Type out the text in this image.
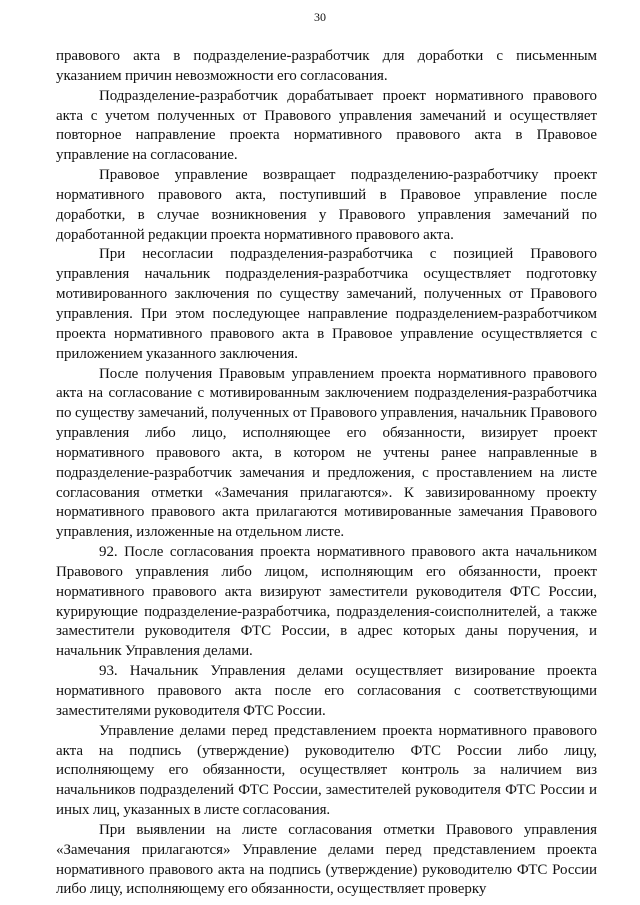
30

правового акта в подразделение-разработчик для доработки с письменным указанием причин невозможности его согласования.

Подразделение-разработчик дорабатывает проект нормативного правового акта с учетом полученных от Правового управления замечаний и осуществляет повторное направление проекта нормативного правового акта в Правовое управление на согласование.

Правовое управление возвращает подразделению-разработчику проект нормативного правового акта, поступивший в Правовое управление после доработки, в случае возникновения у Правового управления замечаний по доработанной редакции проекта нормативного правового акта.

При несогласии подразделения-разработчика с позицией Правового управления начальник подразделения-разработчика осуществляет подготовку мотивированного заключения по существу замечаний, полученных от Правового управления. При этом последующее направление подразделением-разработчиком проекта нормативного правового акта в Правовое управление осуществляется с приложением указанного заключения.

После получения Правовым управлением проекта нормативного правового акта на согласование с мотивированным заключением подразделения-разработчика по существу замечаний, полученных от Правового управления, начальник Правового управления либо лицо, исполняющее его обязанности, визирует проект нормативного правового акта, в котором не учтены ранее направленные в подразделение-разработчик замечания и предложения, с проставлением на листе согласования отметки «Замечания прилагаются». К завизированному проекту нормативного правового акта прилагаются мотивированные замечания Правового управления, изложенные на отдельном листе.

92. После согласования проекта нормативного правового акта начальником Правового управления либо лицом, исполняющим его обязанности, проект нормативного правового акта визируют заместители руководителя ФТС России, курирующие подразделение-разработчика, подразделения-соисполнителей, а также заместители руководителя ФТС России, в адрес которых даны поручения, и начальник Управления делами.

93. Начальник Управления делами осуществляет визирование проекта нормативного правового акта после его согласования с соответствующими заместителями руководителя ФТС России.

Управление делами перед представлением проекта нормативного правового акта на подпись (утверждение) руководителю ФТС России либо лицу, исполняющему его обязанности, осуществляет контроль за наличием виз начальников подразделений ФТС России, заместителей руководителя ФТС России и иных лиц, указанных в листе согласования.

При выявлении на листе согласования отметки Правового управления «Замечания прилагаются» Управление делами перед представлением проекта нормативного правового акта на подпись (утверждение) руководителю ФТС России либо лицу, исполняющему его обязанности, осуществляет проверку
